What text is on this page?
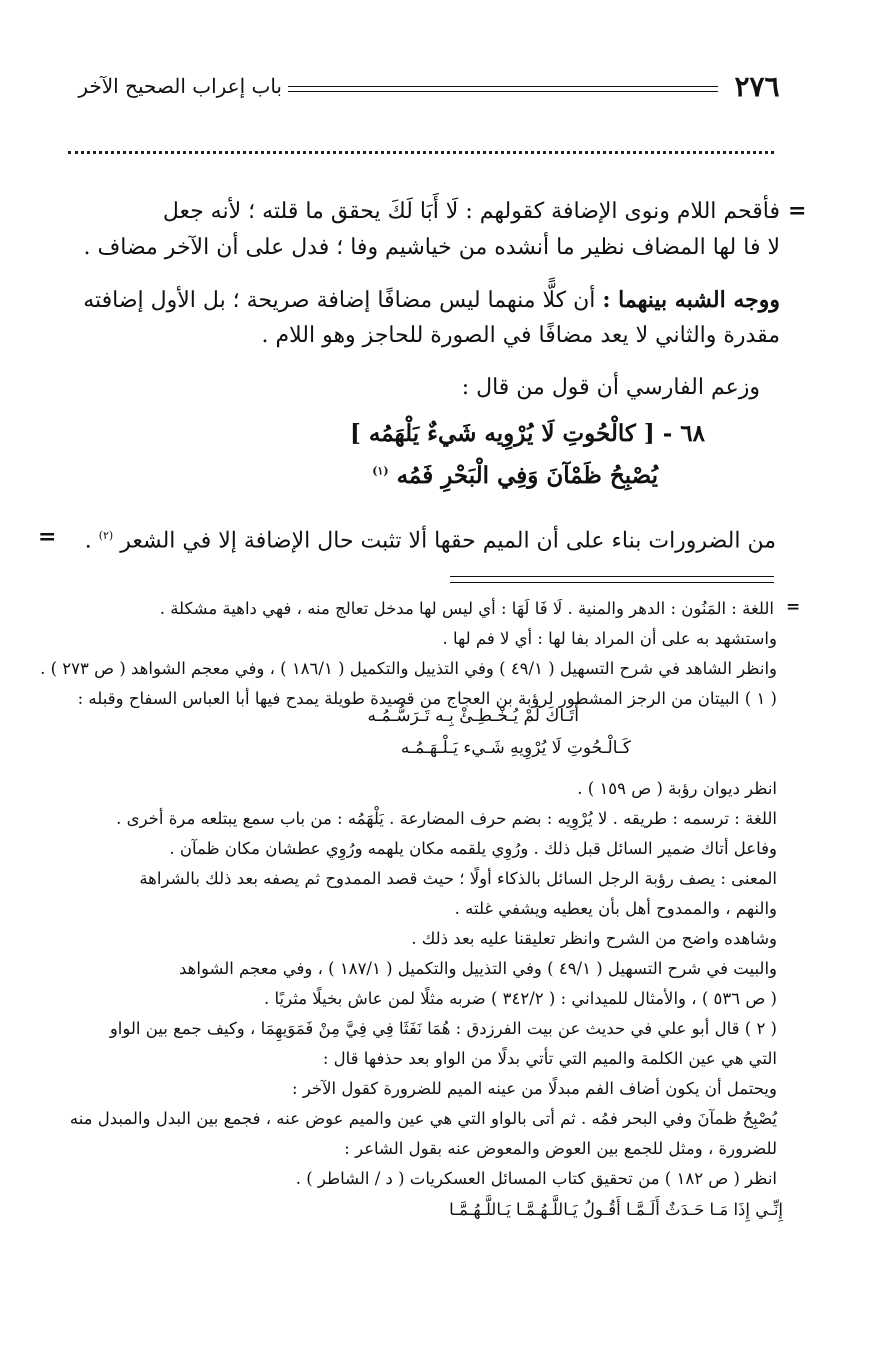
٢٧٦
باب إعراب الصحيح الآخر
=
فأقحم اللام ونوى الإضافة كقولهم : لَا أَبَا لَكَ يحقق ما قلته ؛ لأنه جعل
لا فا لها المضاف نظير ما أنشده من خياشيم وفا ؛ فدل على أن الآخر مضاف .
ووجه الشبه بينهما : أن كلًّا منهما ليس مضافًا إضافة صريحة ؛ بل الأول إضافته
مقدرة والثاني لا يعد مضافًا في الصورة للحاجز وهو اللام .
وزعم الفارسي أن قول من قال :
٦٨ - [ كالْحُوتِ لَا يُرْوِيه شَيءٌ يَلْهَمُه ]
يُصْبِحُ ظَمْآنَ وَفِي الْبَحْرِ فَمُه $^{(١)}$
من الضرورات بناء على أن الميم حقها ألا تثبت حال الإضافة إلا في الشعر $^{(٢)}$ .
=
=
اللغة : المَنُون : الدهر والمنية . لَا فَا لَهَا : أي ليس لها مدخل تعالج منه ، فهي داهية مشكلة .
واستشهد به على أن المراد بفا لها : أي لا فم لها .
وانظر الشاهد في شرح التسهيل ( ٤٩/١ ) وفي التذييل والتكميل ( ١٨٦/١ ) ، وفي معجم الشواهد ( ص ٢٧٣ ) .
( ١ ) البيتان من الرجز المشطور لرؤبة بن العجاج من قصيدة طويلة يمدح فيها أبا العباس السفاح وقبله :
أَتَـاكَ لَمْ يُـخْـطِـئْ بِـه تَـرَسُّـمُـه
كَـالْـحُوتِ لَا يُرْوِيهِ شَـيء يَـلْـهَـمُـه
انظر ديوان رؤبة ( ص ١٥٩ ) .
اللغة : ترسمه : طريقه . لا يُرْوِيه : بضم حرف المضارعة . يَلْهَمُه : من باب سمع يبتلعه مرة أخرى .
وفاعل أتاك ضمير السائل قبل ذلك . ورُوِي يلقمه مكان يلهمه ورُوِي عطشان مكان ظمآن .
المعنى : يصف رؤبة الرجل السائل بالذكاء أولًا ؛ حيث قصد الممدوح ثم يصفه بعد ذلك بالشراهة
والنهم ، والممدوح أهل بأن يعطيه ويشفي غلته .
وشاهده واضح من الشرح وانظر تعليقنا عليه بعد ذلك .
والبيت في شرح التسهيل ( ٤٩/١ ) وفي التذييل والتكميل ( ١٨٧/١ ) ، وفي معجم الشواهد
( ص ٥٣٦ ) ، والأمثال للميداني : ( ٣٤٢/٢ ) ضربه مثلًا لمن عاش بخيلًا مثريًا .
( ٢ ) قال أبو علي في حديث عن بيت الفرزدق : هُمَا نَفَثَا فِي فِيَّ مِنْ فَمَوَيهِمَا ، وكيف جمع بين الواو
التي هي عين الكلمة والميم التي تأتي بدلًا من الواو بعد حذفها قال :
ويحتمل أن يكون أضاف الفم مبدلًا من عينه الميم للضرورة كقول الآخر :
يُصْبِحُ ظمآنَ وفي البحر فمُه . ثم أتى بالواو التي هي عين والميم عوض عنه ، فجمع بين البدل والمبدل منه
للضرورة ، ومثل للجمع بين العوض والمعوض عنه بقول الشاعر :
انظر ( ص ١٨٢ ) من تحقيق كتاب المسائل العسكريات ( د / الشاطر ) .
إِنِّـي إِذَا مَـا حَـدَثٌ أَلَـمَّـا أَقُـولُ يَـاللَّـهُـمَّـا يَـاللَّـهُـمَّـا
